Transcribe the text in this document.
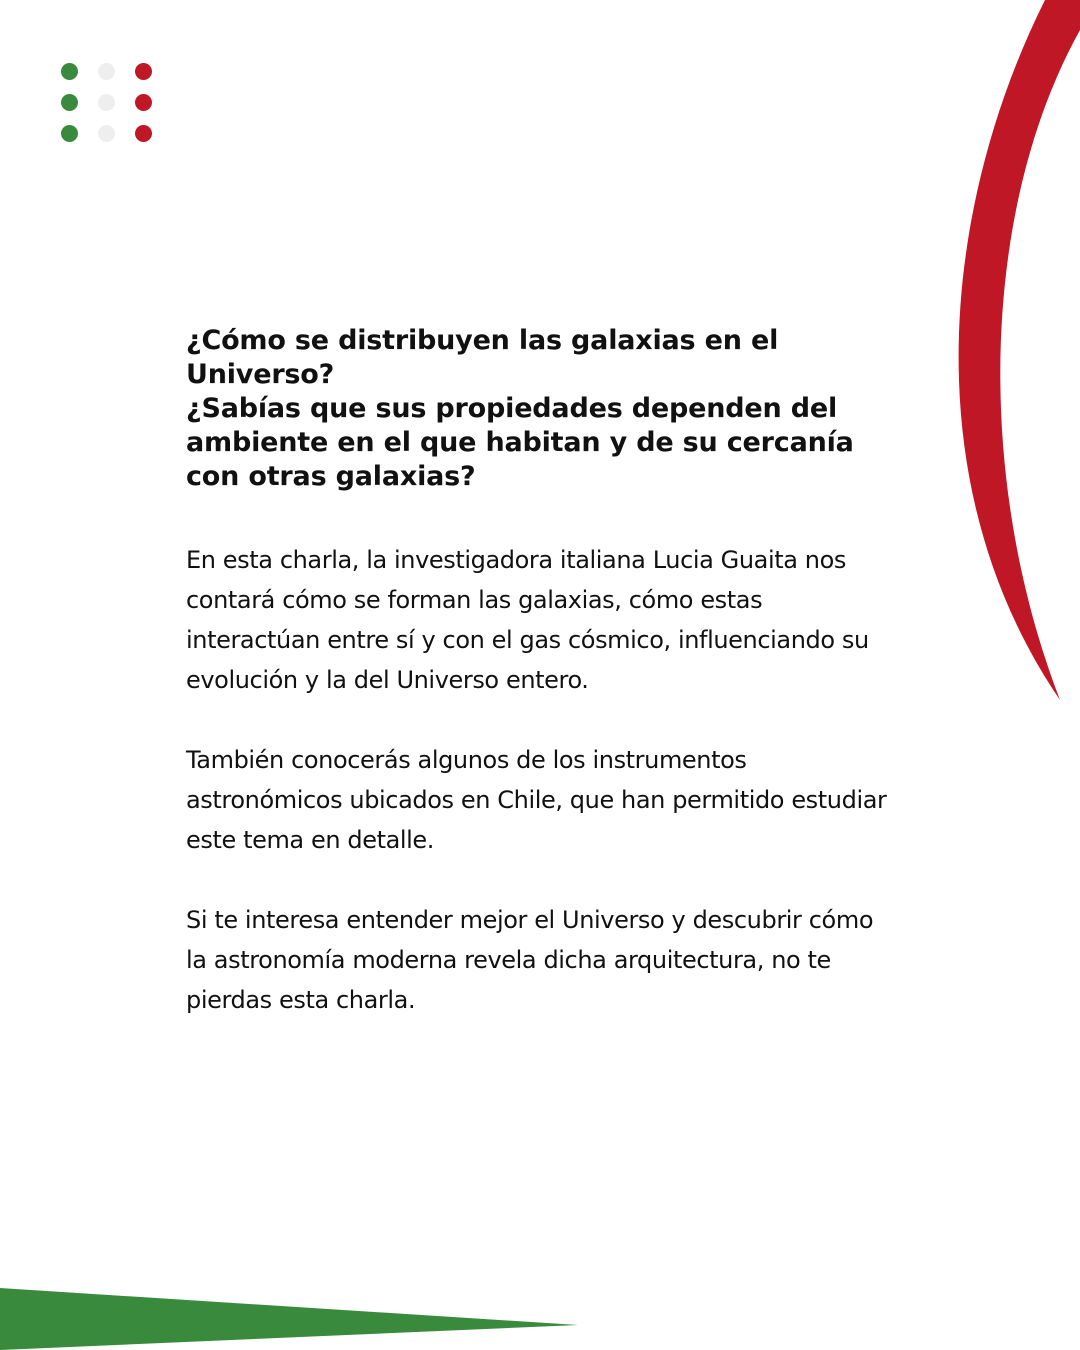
¿Cómo se distribuyen las galaxias en el
Universo?
¿Sabías que sus propiedades dependen del
ambiente en el que habitan y de su cercanía
con otras galaxias?

En esta charla, la investigadora italiana Lucia Guaita nos contará cómo se forman las galaxias, cómo estas interactúan entre sí y con el gas cósmico, influenciando su evolución y la del Universo entero.

También conocerás algunos de los instrumentos astronómicos ubicados en Chile, que han permitido estudiar este tema en detalle.

Si te interesa entender mejor el Universo y descubrir cómo la astronomía moderna revela dicha arquitectura, no te pierdas esta charla.
